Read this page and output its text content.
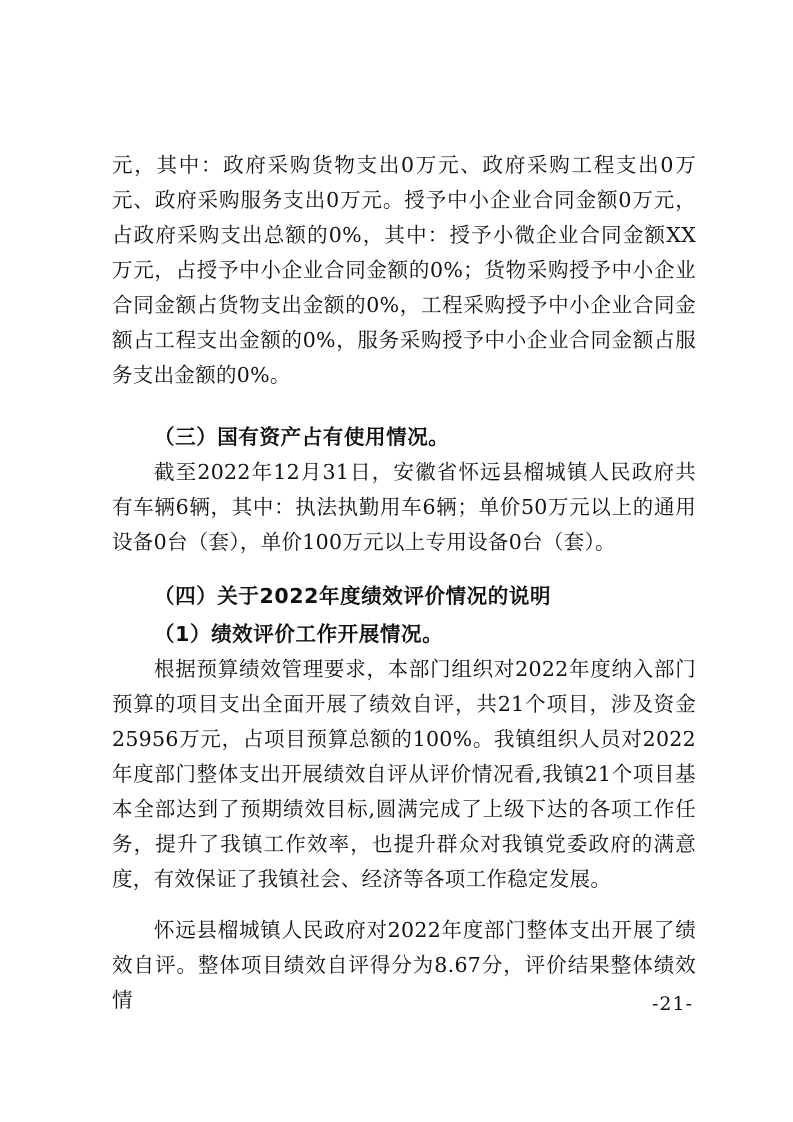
元，其中：政府采购货物支出0万元、政府采购工程支出0万元、政府采购服务支出0万元。授予中小企业合同金额0万元，占政府采购支出总额的0%，其中：授予小微企业合同金额XX 万元，占授予中小企业合同金额的0%；货物采购授予中小企业合同金额占货物支出金额的0%，工程采购授予中小企业合同金额占工程支出金额的0%，服务采购授予中小企业合同金额占服务支出金额的0%。

（三）国有资产占有使用情况。

截至2022年12月31日，安徽省怀远县榴城镇人民政府共有车辆6辆，其中：执法执勤用车6辆；单价50万元以上的通用设备0台（套），单价100万元以上专用设备0台（套）。

（四）关于2022年度绩效评价情况的说明

（1）绩效评价工作开展情况。

根据预算绩效管理要求，本部门组织对2022年度纳入部门预算的项目支出全面开展了绩效自评，共21个项目，涉及资金25956万元，占项目预算总额的100%。我镇组织人员对2022年度部门整体支出开展绩效自评从评价情况看,我镇21个项目基本全部达到了预期绩效目标,圆满完成了上级下达的各项工作任务，提升了我镇工作效率，也提升群众对我镇党委政府的满意度，有效保证了我镇社会、经济等各项工作稳定发展。

怀远县榴城镇人民政府对2022年度部门整体支出开展了绩效自评。整体项目绩效自评得分为8.67分，评价结果整体绩效情	-21-
